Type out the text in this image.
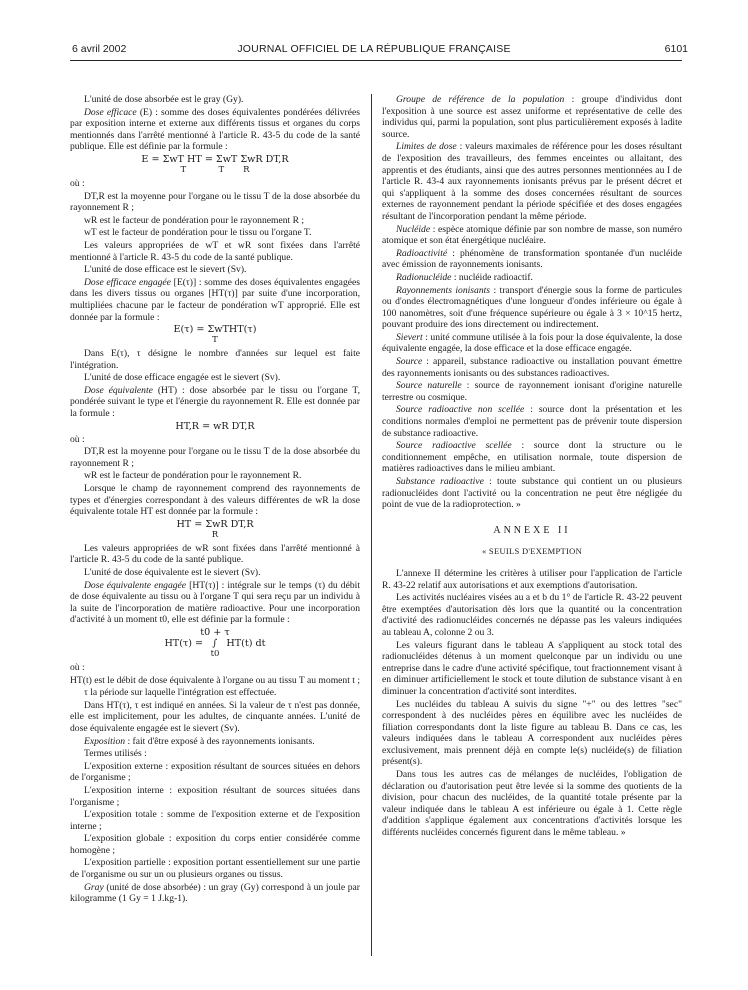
6 avril 2002	JOURNAL OFFICIEL DE LA RÉPUBLIQUE FRANÇAISE	6101

L'unité de dose absorbée est le gray (Gy).

Dose efficace (E) : somme des doses équivalentes pondérées délivrées par exposition interne et externe aux différents tissus et organes du corps mentionnés dans l'arrêté mentionné à l'article R. 43-5 du code de la santé publique. Elle est définie par la formule :

E = ΣwT HT = ΣwT ΣwR DT,R
T            T       R

où :

DT,R est la moyenne pour l'organe ou le tissu T de la dose absorbée du rayonnement R ;

wR est le facteur de pondération pour le rayonnement R ;

wT est le facteur de pondération pour le tissu ou l'organe T.

Les valeurs appropriées de wT et wR sont fixées dans l'arrêté mentionné à l'article R. 43-5 du code de la santé publique.

L'unité de dose efficace est le sievert (Sv).

Dose efficace engagée [E(τ)] : somme des doses équivalentes engagées dans les divers tissus ou organes [HT(τ)] par suite d'une incorporation, multipliées chacune par le facteur de pondération wT approprié. Elle est donnée par la formule :

E(τ) = ΣwTHT(τ)
T

Dans E(τ), τ désigne le nombre d'années sur lequel est faite l'intégration.

L'unité de dose efficace engagée est le sievert (Sv).

Dose équivalente (HT) : dose absorbée par le tissu ou l'organe T, pondérée suivant le type et l'énergie du rayonnement R. Elle est donnée par la formule :

HT,R = wR DT,R

où :

DT,R est la moyenne pour l'organe ou le tissu T de la dose absorbée du rayonnement R ;

wR est le facteur de pondération pour le rayonnement R.

Lorsque le champ de rayonnement comprend des rayonnements de types et d'énergies correspondant à des valeurs différentes de wR la dose équivalente totale HT est donnée par la formule :

HT = ΣwR DT,R
R

Les valeurs appropriées de wR sont fixées dans l'arrêté mentionné à l'article R. 43-5 du code de la santé publique.

L'unité de dose équivalente est le sievert (Sv).

Dose équivalente engagée [HT(τ)] : intégrale sur le temps (τ) du débit de dose équivalente au tissu ou à l'organe T qui sera reçu par un individu à la suite de l'incorporation de matière radioactive. Pour une incorporation d'activité à un moment t0, elle est définie par la formule :

t0 + τ
HT(τ) =   ∫   HT(t) dt
t0

où :

HT(t) est le débit de dose équivalente à l'organe ou au tissu T au moment t ;

τ la période sur laquelle l'intégration est effectuée.

Dans HT(τ), τ est indiqué en années. Si la valeur de τ n'est pas donnée, elle est implicitement, pour les adultes, de cinquante années. L'unité de dose équivalente engagée est le sievert (Sv).

Exposition : fait d'être exposé à des rayonnements ionisants.

Termes utilisés :

L'exposition externe : exposition résultant de sources situées en dehors de l'organisme ;

L'exposition interne : exposition résultant de sources situées dans l'organisme ;

L'exposition totale : somme de l'exposition externe et de l'exposition interne ;

L'exposition globale : exposition du corps entier considérée comme homogène ;

L'exposition partielle : exposition portant essentiellement sur une partie de l'organisme ou sur un ou plusieurs organes ou tissus.

Gray (unité de dose absorbée) : un gray (Gy) correspond à un joule par kilogramme (1 Gy = 1 J.kg-1).

Groupe de référence de la population : groupe d'individus dont l'exposition à une source est assez uniforme et représentative de celle des individus qui, parmi la population, sont plus particulièrement exposés à ladite source.

Limites de dose : valeurs maximales de référence pour les doses résultant de l'exposition des travailleurs, des femmes enceintes ou allaitant, des apprentis et des étudiants, ainsi que des autres personnes mentionnées au I de l'article R. 43-4 aux rayonnements ionisants prévus par le présent décret et qui s'appliquent à la somme des doses concernées résultant de sources externes de rayonnement pendant la période spécifiée et des doses engagées résultant de l'incorporation pendant la même période.

Nucléide : espèce atomique définie par son nombre de masse, son numéro atomique et son état énergétique nucléaire.

Radioactivité : phénomène de transformation spontanée d'un nucléide avec émission de rayonnements ionisants.

Radionucléide : nucléide radioactif.

Rayonnements ionisants : transport d'énergie sous la forme de particules ou d'ondes électromagnétiques d'une longueur d'ondes inférieure ou égale à 100 nanomètres, soit d'une fréquence supérieure ou égale à 3 × 10^15 hertz, pouvant produire des ions directement ou indirectement.

Sievert : unité commune utilisée à la fois pour la dose équivalente, la dose équivalente engagée, la dose efficace et la dose efficace engagée.

Source : appareil, substance radioactive ou installation pouvant émettre des rayonnements ionisants ou des substances radioactives.

Source naturelle : source de rayonnement ionisant d'origine naturelle terrestre ou cosmique.

Source radioactive non scellée : source dont la présentation et les conditions normales d'emploi ne permettent pas de prévenir toute dispersion de substance radioactive.

Source radioactive scellée : source dont la structure ou le conditionnement empêche, en utilisation normale, toute dispersion de matières radioactives dans le milieu ambiant.

Substance radioactive : toute substance qui contient un ou plusieurs radionucléides dont l'activité ou la concentration ne peut être négligée du point de vue de la radioprotection. »

ANNEXE II
« SEUILS D'EXEMPTION

L'annexe II détermine les critères à utiliser pour l'application de l'article R. 43-22 relatif aux autorisations et aux exemptions d'autorisation.

Les activités nucléaires visées au a et b du 1° de l'article R. 43-22 peuvent être exemptées d'autorisation dès lors que la quantité ou la concentration d'activité des radionucléides concernés ne dépasse pas les valeurs indiquées au tableau A, colonne 2 ou 3.

Les valeurs figurant dans le tableau A s'appliquent au stock total des radionucléides détenus à un moment quelconque par un individu ou une entreprise dans le cadre d'une activité spécifique, tout fractionnement visant à en diminuer artificiellement le stock et toute dilution de substance visant à en diminuer la concentration d'activité sont interdites.

Les nucléides du tableau A suivis du signe "+" ou des lettres "sec" correspondent à des nucléides pères en équilibre avec les nucléides de filiation correspondants dont la liste figure au tableau B. Dans ce cas, les valeurs indiquées dans le tableau A correspondent aux nucléides pères exclusivement, mais prennent déjà en compte le(s) nucléide(s) de filiation présent(s).

Dans tous les autres cas de mélanges de nucléides, l'obligation de déclaration ou d'autorisation peut être levée si la somme des quotients de la division, pour chacun des nucléides, de la quantité totale présente par la valeur indiquée dans le tableau A est inférieure ou égale à 1. Cette règle d'addition s'applique également aux concentrations d'activités lorsque les différents nucléides concernés figurent dans le même tableau. »
